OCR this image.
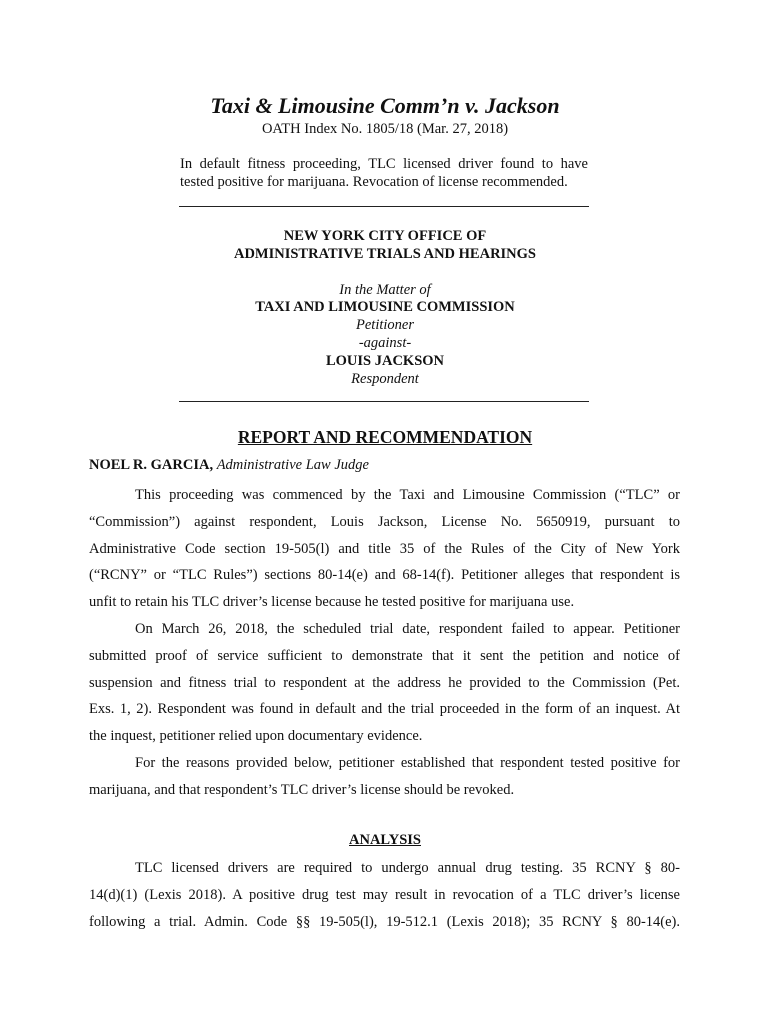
Taxi & Limousine Comm’n v. Jackson
OATH Index No. 1805/18 (Mar. 27, 2018)
In default fitness proceeding, TLC licensed driver found to have tested positive for marijuana. Revocation of license recommended.
NEW YORK CITY OFFICE OF
ADMINISTRATIVE TRIALS AND HEARINGS
In the Matter of
TAXI AND LIMOUSINE COMMISSION
Petitioner
-against-
LOUIS JACKSON
Respondent
REPORT AND RECOMMENDATION
NOEL R. GARCIA, Administrative Law Judge
This proceeding was commenced by the Taxi and Limousine Commission (“TLC” or
“Commission”) against respondent, Louis Jackson, License No. 5650919, pursuant to
Administrative Code section 19-505(l) and title 35 of the Rules of the City of New York
(“RCNY” or “TLC Rules”) sections 80-14(e) and 68-14(f). Petitioner alleges that respondent is
unfit to retain his TLC driver’s license because he tested positive for marijuana use.
On March 26, 2018, the scheduled trial date, respondent failed to appear. Petitioner
submitted proof of service sufficient to demonstrate that it sent the petition and notice of
suspension and fitness trial to respondent at the address he provided to the Commission (Pet.
Exs. 1, 2). Respondent was found in default and the trial proceeded in the form of an inquest. At
the inquest, petitioner relied upon documentary evidence.
For the reasons provided below, petitioner established that respondent tested positive for
marijuana, and that respondent’s TLC driver’s license should be revoked.
ANALYSIS
TLC licensed drivers are required to undergo annual drug testing. 35 RCNY § 80-
14(d)(1) (Lexis 2018). A positive drug test may result in revocation of a TLC driver’s license
following a trial. Admin. Code §§ 19-505(l), 19-512.1 (Lexis 2018); 35 RCNY § 80-14(e).
